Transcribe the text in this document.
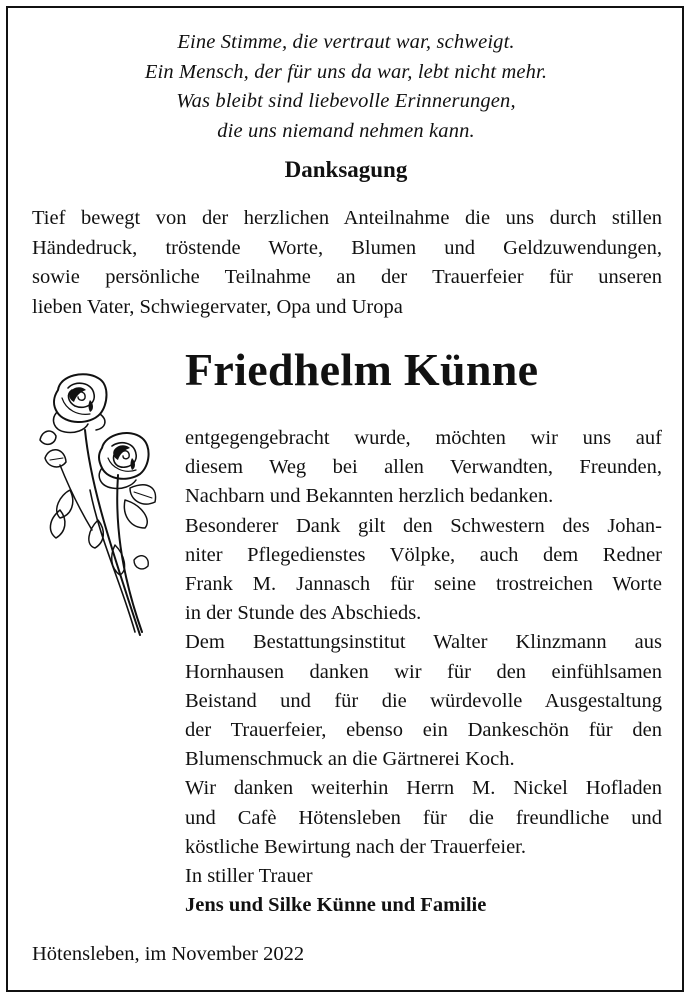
Eine Stimme, die vertraut war, schweigt.
Ein Mensch, der für uns da war, lebt nicht mehr.
Was bleibt sind liebevolle Erinnerungen,
die uns niemand nehmen kann.
Danksagung
Tief bewegt von der herzlichen Anteilnahme die uns durch stillen
Händedruck, tröstende Worte, Blumen und Geldzuwendungen,
sowie persönliche Teilnahme an der Trauerfeier für unseren
lieben Vater, Schwiegervater, Opa und Uropa
Friedhelm Künne
entgegengebracht wurde, möchten wir uns auf
diesem Weg bei allen Verwandten, Freunden,
Nachbarn und Bekannten herzlich bedanken.
Besonderer Dank gilt den Schwestern des Johan-
niter Pflegedienstes Völpke, auch dem Redner
Frank M. Jannasch für seine trostreichen Worte
in der Stunde des Abschieds.
Dem Bestattungsinstitut Walter Klinzmann aus
Hornhausen danken wir für den einfühlsamen
Beistand und für die würdevolle Ausgestaltung
der Trauerfeier, ebenso ein Dankeschön für den
Blumenschmuck an die Gärtnerei Koch.
Wir danken weiterhin Herrn M. Nickel Hofladen
und Cafè Hötensleben für die freundliche und
köstliche Bewirtung nach der Trauerfeier.
In stiller Trauer
Jens und Silke Künne und Familie
Hötensleben, im November 2022
